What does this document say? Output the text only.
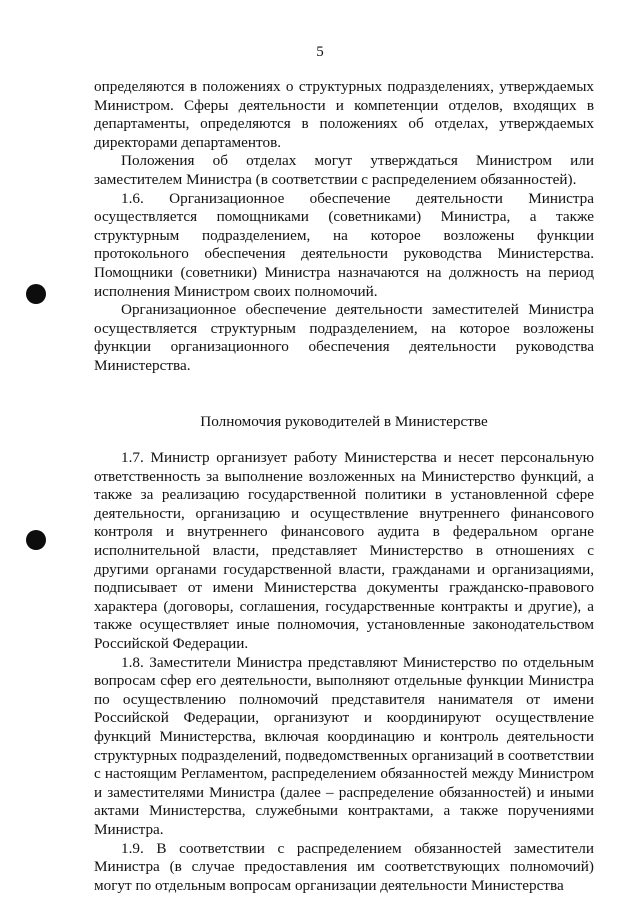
5

определяются в положениях о структурных подразделениях, утверждаемых Министром. Сферы деятельности и компетенции отделов, входящих в департаменты, определяются в положениях об отделах, утверждаемых директорами департаментов.

Положения об отделах могут утверждаться Министром или заместителем Министра (в соответствии с распределением обязанностей).

1.6. Организационное обеспечение деятельности Министра осуществляется помощниками (советниками) Министра, а также структурным подразделением, на которое возложены функции протокольного обеспечения деятельности руководства Министерства. Помощники (советники) Министра назначаются на должность на период исполнения Министром своих полномочий.

Организационное обеспечение деятельности заместителей Министра осуществляется структурным подразделением, на которое возложены функции организационного обеспечения деятельности руководства Министерства.

Полномочия руководителей в Министерстве

1.7. Министр организует работу Министерства и несет персональную ответственность за выполнение возложенных на Министерство функций, а также за реализацию государственной политики в установленной сфере деятельности, организацию и осуществление внутреннего финансового контроля и внутреннего финансового аудита в федеральном органе исполнительной власти, представляет Министерство в отношениях с другими органами государственной власти, гражданами и организациями, подписывает от имени Министерства документы гражданско-правового характера (договоры, соглашения, государственные контракты и другие), а также осуществляет иные полномочия, установленные законодательством Российской Федерации.

1.8. Заместители Министра представляют Министерство по отдельным вопросам сфер его деятельности, выполняют отдельные функции Министра по осуществлению полномочий представителя нанимателя от имени Российской Федерации, организуют и координируют осуществление функций Министерства, включая координацию и контроль деятельности структурных подразделений, подведомственных организаций в соответствии с настоящим Регламентом, распределением обязанностей между Министром и заместителями Министра (далее – распределение обязанностей) и иными актами Министерства, служебными контрактами, а также поручениями Министра.

1.9. В соответствии с распределением обязанностей заместители Министра (в случае предоставления им соответствующих полномочий) могут по отдельным вопросам организации деятельности Министерства
